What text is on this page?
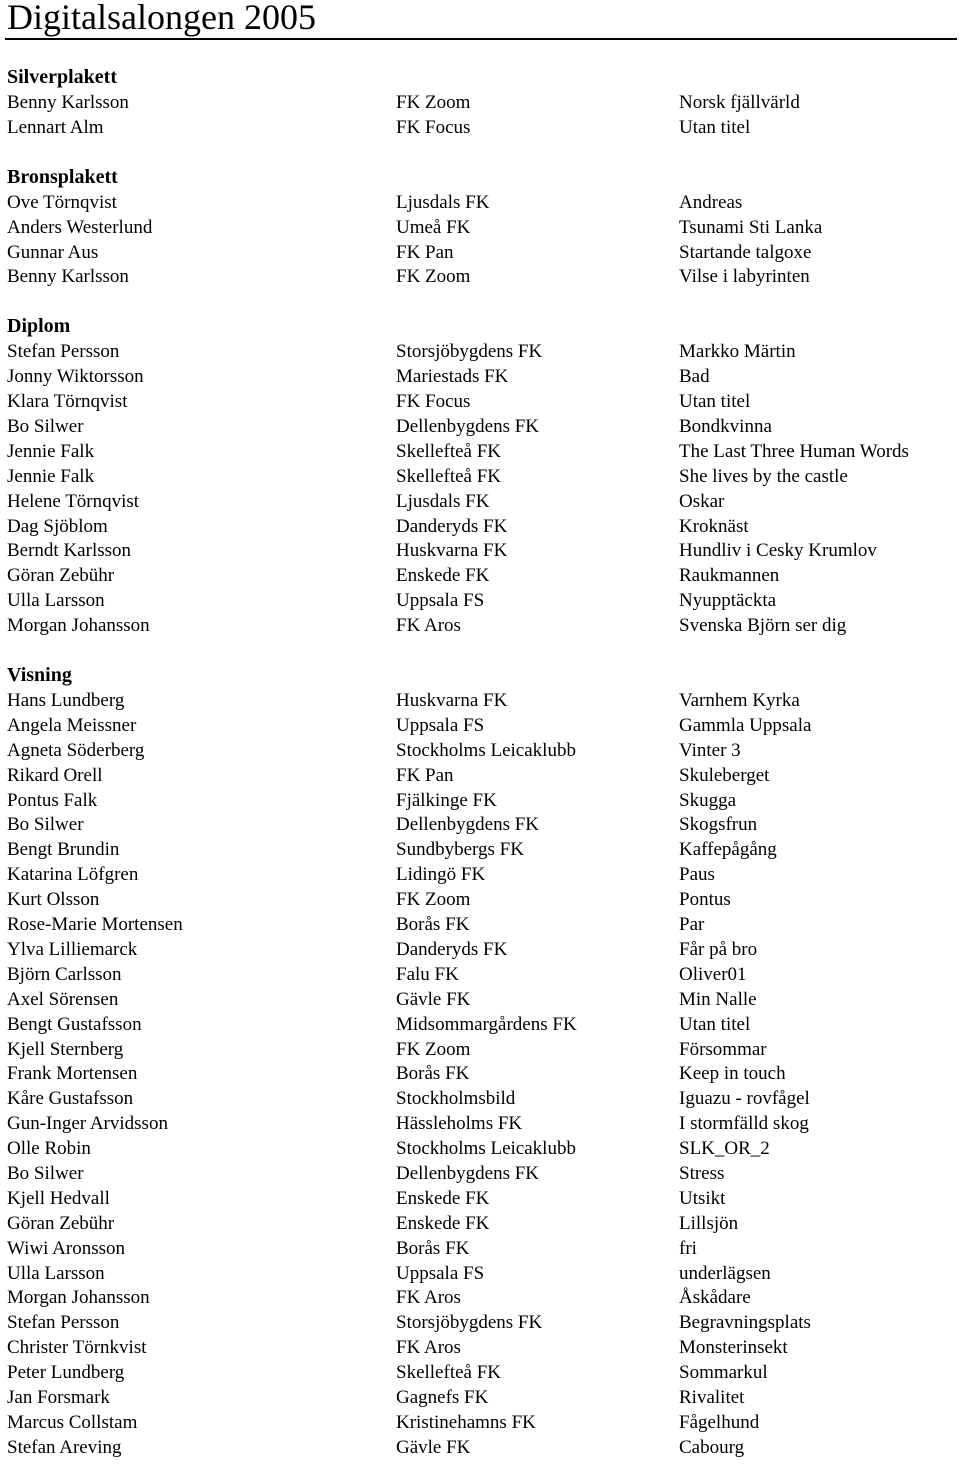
Digitalsalongen 2005
Silverplakett
Benny Karlsson	FK Zoom	Norsk fjällvärld
Lennart Alm	FK Focus	Utan titel
Bronsplakett
Ove Törnqvist	Ljusdals FK	Andreas
Anders Westerlund	Umeå FK	Tsunami Sti Lanka
Gunnar Aus	FK Pan	Startande talgoxe
Benny Karlsson	FK Zoom	Vilse i labyrinten
Diplom
Stefan Persson	Storsjöbygdens FK	Markko Märtin
Jonny Wiktorsson	Mariestads FK	Bad
Klara Törnqvist	FK Focus	Utan titel
Bo Silwer	Dellenbygdens FK	Bondkvinna
Jennie Falk	Skellefteå FK	The Last Three Human Words
Jennie Falk	Skellefteå FK	She lives by the castle
Helene Törnqvist	Ljusdals FK	Oskar
Dag Sjöblom	Danderyds FK	Kroknäst
Berndt Karlsson	Huskvarna FK	Hundliv i Cesky Krumlov
Göran Zebühr	Enskede FK	Raukmannen
Ulla Larsson	Uppsala FS	Nyupptäckta
Morgan Johansson	FK Aros	Svenska Björn ser dig
Visning
Hans Lundberg	Huskvarna FK	Varnhem Kyrka
Angela Meissner	Uppsala FS	Gammla Uppsala
Agneta Söderberg	Stockholms Leicaklubb	Vinter 3
Rikard Orell	FK Pan	Skuleberget
Pontus Falk	Fjälkinge FK	Skugga
Bo Silwer	Dellenbygdens FK	Skogsfrun
Bengt Brundin	Sundbybergs FK	Kaffepågång
Katarina Löfgren	Lidingö FK	Paus
Kurt Olsson	FK Zoom	Pontus
Rose-Marie Mortensen	Borås FK	Par
Ylva Lilliemarck	Danderyds FK	Får på bro
Björn Carlsson	Falu FK	Oliver01
Axel Sörensen	Gävle FK	Min Nalle
Bengt Gustafsson	Midsommargårdens FK	Utan titel
Kjell Sternberg	FK Zoom	Försommar
Frank Mortensen	Borås FK	Keep in touch
Kåre Gustafsson	Stockholmsbild	Iguazu - rovfågel
Gun-Inger Arvidsson	Hässleholms FK	I stormfälld skog
Olle Robin	Stockholms Leicaklubb	SLK_OR_2
Bo Silwer	Dellenbygdens FK	Stress
Kjell Hedvall	Enskede FK	Utsikt
Göran Zebühr	Enskede FK	Lillsjön
Wiwi Aronsson	Borås FK	fri
Ulla Larsson	Uppsala FS	underlägsen
Morgan Johansson	FK Aros	Åskådare
Stefan Persson	Storsjöbygdens FK	Begravningsplats
Christer Törnkvist	FK Aros	Monsterinsekt
Peter Lundberg	Skellefteå FK	Sommarkul
Jan Forsmark	Gagnefs FK	Rivalitet
Marcus Collstam	Kristinehamns FK	Fågelhund
Stefan Areving	Gävle FK	Cabourg
